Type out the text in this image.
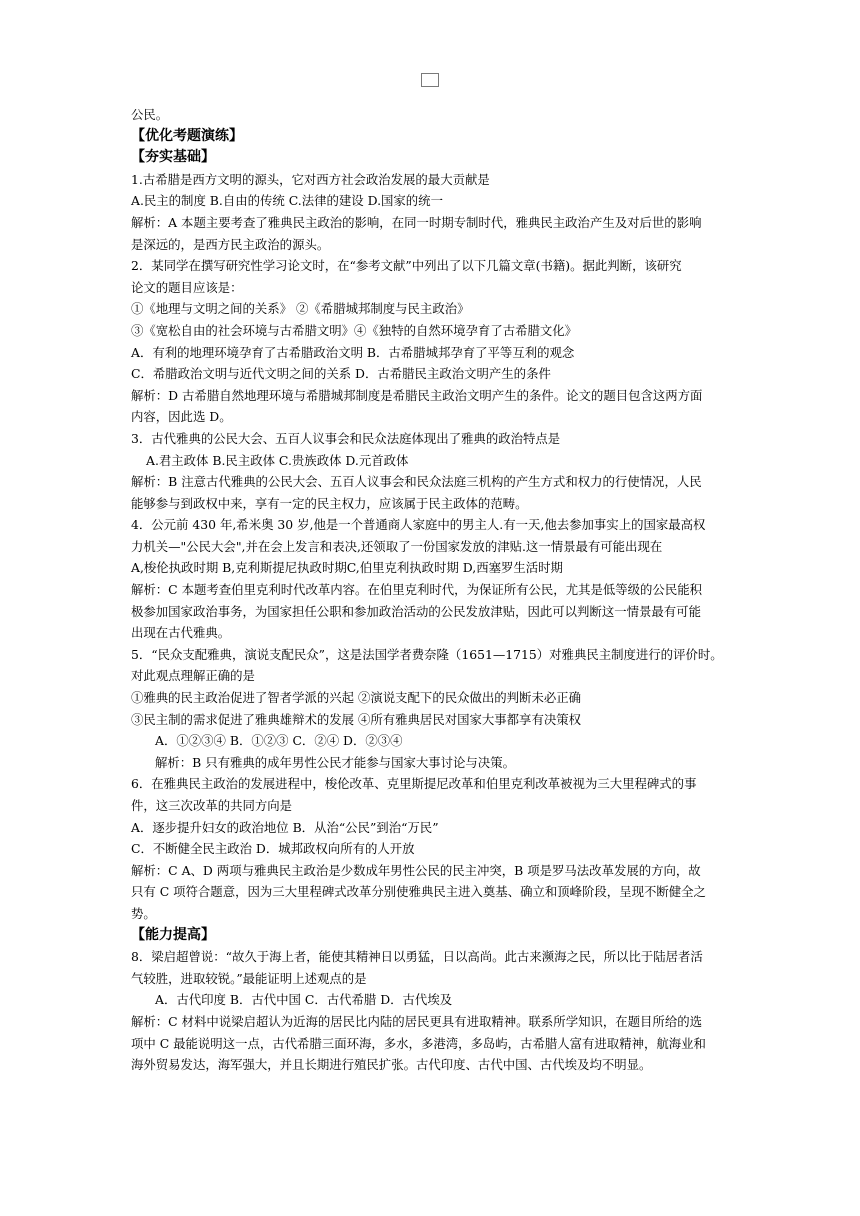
公民。

【优化考题演练】

【夯实基础】

1.古希腊是西方文明的源头，它对西方社会政治发展的最大贡献是

A.民主的制度 B.自由的传统 C.法律的建设 D.国家的统一

解析：A 本题主要考查了雅典民主政治的影响，在同一时期专制时代，雅典民主政治产生及对后世的影响

是深远的，是西方民主政治的源头。

2．某同学在撰写研究性学习论文时，在“参考文献”中列出了以下几篇文章(书籍)。据此判断，该研究

论文的题目应该是：

①《地理与文明之间的关系》 ②《希腊城邦制度与民主政治》

③《宽松自由的社会环境与古希腊文明》④《独特的自然环境孕育了古希腊文化》

A．有利的地理环境孕育了古希腊政治文明 B．古希腊城邦孕育了平等互利的观念

C．希腊政治文明与近代文明之间的关系 D．古希腊民主政治文明产生的条件

解析：D 古希腊自然地理环境与希腊城邦制度是希腊民主政治文明产生的条件。论文的题目包含这两方面

内容，因此选 D。

3．古代雅典的公民大会、五百人议事会和民众法庭体现出了雅典的政治特点是

A.君主政体 B.民主政体 C.贵族政体 D.元首政体

解析：B 注意古代雅典的公民大会、五百人议事会和民众法庭三机构的产生方式和权力的行使情况，人民

能够参与到政权中来，享有一定的民主权力，应该属于民主政体的范畴。

4．公元前 430 年,希米奥 30 岁,他是一个普通商人家庭中的男主人.有一天,他去参加事实上的国家最高权

力机关—"公民大会",并在会上发言和表决,还领取了一份国家发放的津贴.这一情景最有可能出现在

A,梭伦执政时期 B,克利斯提尼执政时期C,伯里克利执政时期 D,西塞罗生活时期

解析：C 本题考查伯里克利时代改革内容。在伯里克利时代，为保证所有公民，尤其是低等级的公民能积

极参加国家政治事务，为国家担任公职和参加政治活动的公民发放津贴，因此可以判断这一情景最有可能

出现在古代雅典。

5．“民众支配雅典，演说支配民众”，这是法国学者费奈隆（1651—1715）对雅典民主制度进行的评价时。

对此观点理解正确的是

①雅典的民主政治促进了智者学派的兴起 ②演说支配下的民众做出的判断未必正确

③民主制的需求促进了雅典雄辩术的发展 ④所有雅典居民对国家大事都享有决策权

A．①②③④ B．①②③ C．②④ D．②③④

解析：B 只有雅典的成年男性公民才能参与国家大事讨论与决策。

6．在雅典民主政治的发展进程中，梭伦改革、克里斯提尼改革和伯里克利改革被视为三大里程碑式的事

件，这三次改革的共同方向是

A．逐步提升妇女的政治地位 B．从治“公民”到治“万民”

C．不断健全民主政治 D．城邦政权向所有的人开放

解析：C A、D 两项与雅典民主政治是少数成年男性公民的民主冲突，B 项是罗马法改革发展的方向，故

只有 C 项符合题意，因为三大里程碑式改革分别使雅典民主进入奠基、确立和顶峰阶段，呈现不断健全之

势。

【能力提高】

8．梁启超曾说：“故久于海上者，能使其精神日以勇猛，日以高尚。此古来濒海之民，所以比于陆居者活

气较胜，进取较锐。”最能证明上述观点的是

A．古代印度 B．古代中国 C．古代希腊 D．古代埃及

解析：C 材料中说梁启超认为近海的居民比内陆的居民更具有进取精神。联系所学知识，在题目所给的选

项中 C 最能说明这一点，古代希腊三面环海，多水，多港湾，多岛屿，古希腊人富有进取精神，航海业和

海外贸易发达，海军强大，并且长期进行殖民扩张。古代印度、古代中国、古代埃及均不明显。
